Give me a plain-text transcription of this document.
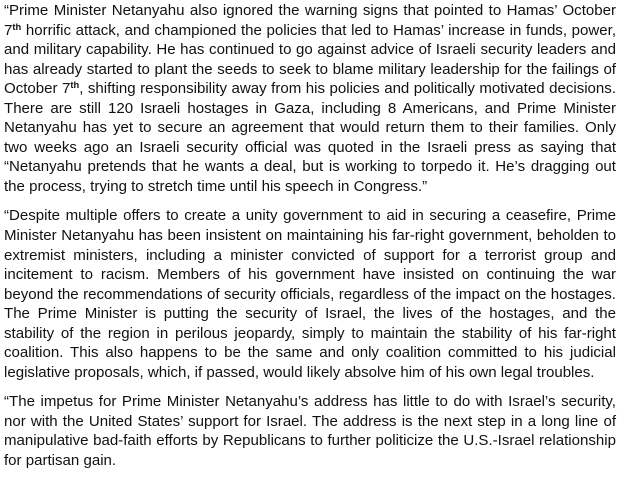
“Prime Minister Netanyahu also ignored the warning signs that pointed to Hamas’ October 7th horrific attack, and championed the policies that led to Hamas’ increase in funds, power, and military capability. He has continued to go against advice of Israeli security leaders and has already started to plant the seeds to seek to blame military leadership for the failings of October 7th, shifting responsibility away from his policies and politically motivated decisions. There are still 120 Israeli hostages in Gaza, including 8 Americans, and Prime Minister Netanyahu has yet to secure an agreement that would return them to their families. Only two weeks ago an Israeli security official was quoted in the Israeli press as saying that “Netanyahu pretends that he wants a deal, but is working to torpedo it. He’s dragging out the process, trying to stretch time until his speech in Congress.”

“Despite multiple offers to create a unity government to aid in securing a ceasefire, Prime Minister Netanyahu has been insistent on maintaining his far-right government, beholden to extremist ministers, including a minister convicted of support for a terrorist group and incitement to racism. Members of his government have insisted on continuing the war beyond the recommendations of security officials, regardless of the impact on the hostages. The Prime Minister is putting the security of Israel, the lives of the hostages, and the stability of the region in perilous jeopardy, simply to maintain the stability of his far-right coalition. This also happens to be the same and only coalition committed to his judicial legislative proposals, which, if passed, would likely absolve him of his own legal troubles.

“The impetus for Prime Minister Netanyahu’s address has little to do with Israel’s security, nor with the United States’ support for Israel. The address is the next step in a long line of manipulative bad-faith efforts by Republicans to further politicize the U.S.-Israel relationship for partisan gain.
